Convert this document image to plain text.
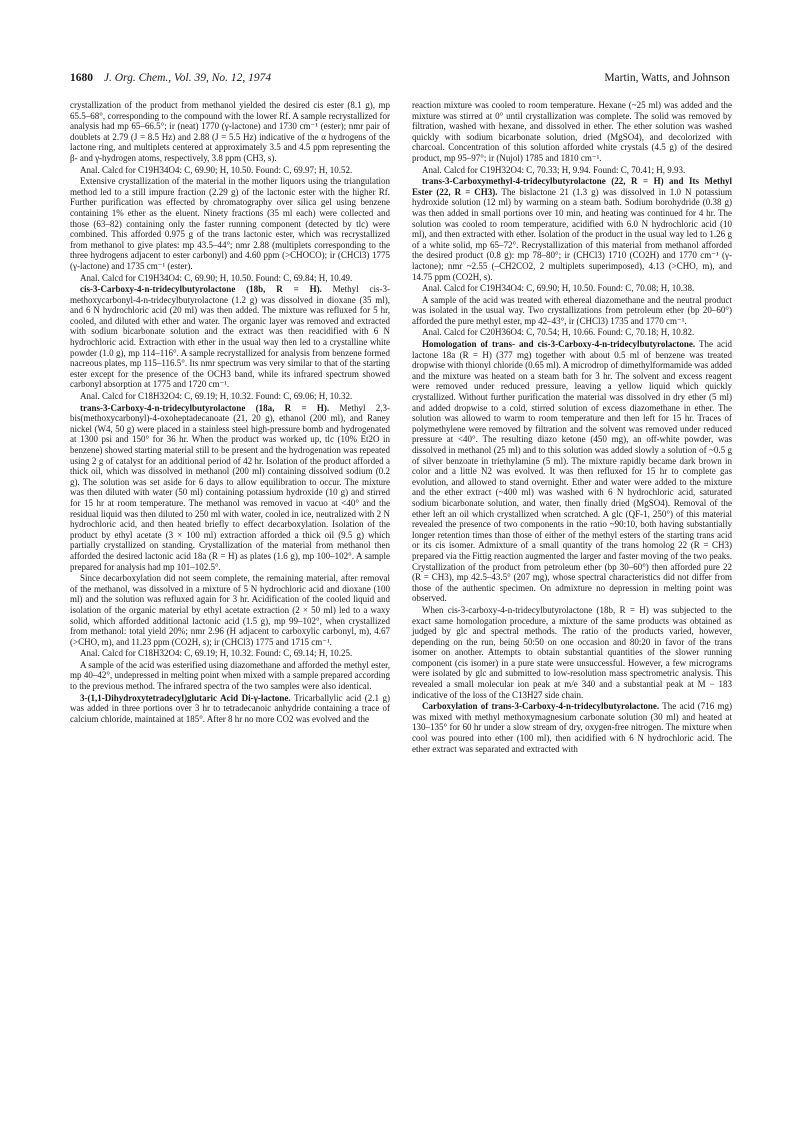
1680 J. Org. Chem., Vol. 39, No. 12, 1974	Martin, Watts, and Johnson

crystallization of the product from methanol yielded the desired cis ester (8.1 g), mp 65.5–68°, corresponding to the compound with the lower Rf. A sample recrystallized for analysis had mp 65–66.5°; ir (neat) 1770 (γ-lactone) and 1730 cm⁻¹ (ester); nmr pair of doublets at 2.79 (J = 8.5 Hz) and 2.88 (J = 5.5 Hz) indicative of the α hydrogens of the lactone ring, and multiplets centered at approximately 3.5 and 4.5 ppm representing the β- and γ-hydrogen atoms, respectively, 3.8 ppm (CH3, s).

Anal. Calcd for C19H34O4: C, 69.90; H, 10.50. Found: C, 69.97; H, 10.52.

Extensive crystallization of the material in the mother liquors using the triangulation method led to a still impure fraction (2.29 g) of the lactonic ester with the higher Rf. Further purification was effected by chromatography over silica gel using benzene containing 1% ether as the eluent. Ninety fractions (35 ml each) were collected and those (63–82) containing only the faster running component (detected by tlc) were combined. This afforded 0.975 g of the trans lactonic ester, which was recrystallized from methanol to give plates: mp 43.5–44°; nmr 2.88 (multiplets corresponding to the three hydrogens adjacent to ester carbonyl) and 4.60 ppm (>CHOCO); ir (CHCl3) 1775 (γ-lactone) and 1735 cm⁻¹ (ester).

Anal. Calcd for C19H34O4: C, 69.90; H, 10.50. Found: C, 69.84; H, 10.49.

cis-3-Carboxy-4-n-tridecylbutyrolactone (18b, R = H). Methyl cis-3-methoxycarbonyl-4-n-tridecylbutyrolactone (1.2 g) was dissolved in dioxane (35 ml), and 6 N hydrochloric acid (20 ml) was then added. The mixture was refluxed for 5 hr, cooled, and diluted with ether and water. The organic layer was removed and extracted with sodium bicarbonate solution and the extract was then reacidified with 6 N hydrochloric acid. Extraction with ether in the usual way then led to a crystalline white powder (1.0 g), mp 114–116°. A sample recrystallized for analysis from benzene formed nacreous plates, mp 115–116.5°. Its nmr spectrum was very similar to that of the starting ester except for the presence of the OCH3 band, while its infrared spectrum showed carbonyl absorption at 1775 and 1720 cm⁻¹.

Anal. Calcd for C18H32O4: C, 69.19; H, 10.32. Found: C, 69.06; H, 10.32.

trans-3-Carboxy-4-n-tridecylbutyrolactone (18a, R = H). Methyl 2,3-bis(methoxycarbonyl)-4-oxoheptadecanoate (21, 20 g), ethanol (200 ml), and Raney nickel (W4, 50 g) were placed in a stainless steel high-pressure bomb and hydrogenated at 1300 psi and 150° for 36 hr. When the product was worked up, tlc (10% Et2O in benzene) showed starting material still to be present and the hydrogenation was repeated using 2 g of catalyst for an additional period of 42 hr. Isolation of the product afforded a thick oil, which was dissolved in methanol (200 ml) containing dissolved sodium (0.2 g). The solution was set aside for 6 days to allow equilibration to occur. The mixture was then diluted with water (50 ml) containing potassium hydroxide (10 g) and stirred for 15 hr at room temperature. The methanol was removed in vacuo at <40° and the residual liquid was then diluted to 250 ml with water, cooled in ice, neutralized with 2 N hydrochloric acid, and then heated briefly to effect decarboxylation. Isolation of the product by ethyl acetate (3 × 100 ml) extraction afforded a thick oil (9.5 g) which partially crystallized on standing. Crystallization of the material from methanol then afforded the desired lactonic acid 18a (R = H) as plates (1.6 g), mp 100–102°. A sample prepared for analysis had mp 101–102.5°.

Since decarboxylation did not seem complete, the remaining material, after removal of the methanol, was dissolved in a mixture of 5 N hydrochloric acid and dioxane (100 ml) and the solution was refluxed again for 3 hr. Acidification of the cooled liquid and isolation of the organic material by ethyl acetate extraction (2 × 50 ml) led to a waxy solid, which afforded additional lactonic acid (1.5 g), mp 99–102°, when crystallized from methanol: total yield 20%; nmr 2.96 (H adjacent to carboxylic carbonyl, m), 4.67 (>CHO, m), and 11.23 ppm (CO2H, s); ir (CHCl3) 1775 and 1715 cm⁻¹.

Anal. Calcd for C18H32O4: C, 69.19; H, 10.32. Found: C, 69.14; H, 10.25.

A sample of the acid was esterified using diazomethane and afforded the methyl ester, mp 40–42°, undepressed in melting point when mixed with a sample prepared according to the previous method. The infrared spectra of the two samples were also identical.

3-(1,1-Dihydroxytetradecyl)glutaric Acid Di-γ-lactone. Tricarballylic acid (2.1 g) was added in three portions over 3 hr to tetradecanoic anhydride containing a trace of calcium chloride, maintained at 185°. After 8 hr no more CO2 was evolved and the

reaction mixture was cooled to room temperature. Hexane (~25 ml) was added and the mixture was stirred at 0° until crystallization was complete. The solid was removed by filtration, washed with hexane, and dissolved in ether. The ether solution was washed quickly with sodium bicarbonate solution, dried (MgSO4), and decolorized with charcoal. Concentration of this solution afforded white crystals (4.5 g) of the desired product, mp 95–97°; ir (Nujol) 1785 and 1810 cm⁻¹.

Anal. Calcd for C19H32O4: C, 70.33; H, 9.94. Found: C, 70.41; H, 9.93.

trans-3-Carboxymethyl-4-tridecylbutyrolactone (22, R = H) and Its Methyl Ester (22, R = CH3). The bislactone 21 (1.3 g) was dissolved in 1.0 N potassium hydroxide solution (12 ml) by warming on a steam bath. Sodium borohydride (0.38 g) was then added in small portions over 10 min, and heating was continued for 4 hr. The solution was cooled to room temperature, acidified with 6.0 N hydrochloric acid (10 ml), and then extracted with ether. Isolation of the product in the usual way led to 1.26 g of a white solid, mp 65–72°. Recrystallization of this material from methanol afforded the desired product (0.8 g): mp 78–80°; ir (CHCl3) 1710 (CO2H) and 1770 cm⁻¹ (γ-lactone); nmr ~2.55 (–CH2CO2, 2 multiplets superimposed), 4.13 (>CHO, m), and 14.75 ppm (CO2H, s).

Anal. Calcd for C19H34O4: C, 69.90; H, 10.50. Found: C, 70.08; H, 10.38.

A sample of the acid was treated with ethereal diazomethane and the neutral product was isolated in the usual way. Two crystallizations from petroleum ether (bp 20–60°) afforded the pure methyl ester, mp 42–43°, ir (CHCl3) 1735 and 1770 cm⁻¹.

Anal. Calcd for C20H36O4: C, 70.54; H, 10.66. Found: C, 70.18; H, 10.82.

Homologation of trans- and cis-3-Carboxy-4-n-tridecylbutyrolactone. The acid lactone 18a (R = H) (377 mg) together with about 0.5 ml of benzene was treated dropwise with thionyl chloride (0.65 ml). A microdrop of dimethylformamide was added and the mixture was heated on a steam bath for 3 hr. The solvent and excess reagent were removed under reduced pressure, leaving a yellow liquid which quickly crystallized. Without further purification the material was dissolved in dry ether (5 ml) and added dropwise to a cold, stirred solution of excess diazomethane in ether. The solution was allowed to warm to room temperature and then left for 15 hr. Traces of polymethylene were removed by filtration and the solvent was removed under reduced pressure at <40°. The resulting diazo ketone (450 mg), an off-white powder, was dissolved in methanol (25 ml) and to this solution was added slowly a solution of ~0.5 g of silver benzoate in triethylamine (5 ml). The mixture rapidly became dark brown in color and a little N2 was evolved. It was then refluxed for 15 hr to complete gas evolution, and allowed to stand overnight. Ether and water were added to the mixture and the ether extract (~400 ml) was washed with 6 N hydrochloric acid, saturated sodium bicarbonate solution, and water, then finally dried (MgSO4). Removal of the ether left an oil which crystallized when scratched. A glc (QF-1, 250°) of this material revealed the presence of two components in the ratio ~90:10, both having substantially longer retention times than those of either of the methyl esters of the starting trans acid or its cis isomer. Admixture of a small quantity of the trans homolog 22 (R = CH3) prepared via the Fittig reaction augmented the larger and faster moving of the two peaks. Crystallization of the product from petroleum ether (bp 30–60°) then afforded pure 22 (R = CH3), mp 42.5–43.5° (207 mg), whose spectral characteristics did not differ from those of the authentic specimen. On admixture no depression in melting point was observed.

When cis-3-carboxy-4-n-tridecylbutyrolactone (18b, R = H) was subjected to the exact same homologation procedure, a mixture of the same products was obtained as judged by glc and spectral methods. The ratio of the products varied, however, depending on the run, being 50:50 on one occasion and 80:20 in favor of the trans isomer on another. Attempts to obtain substantial quantities of the slower running component (cis isomer) in a pure state were unsuccessful. However, a few micrograms were isolated by glc and submitted to low-resolution mass spectrometric analysis. This revealed a small molecular ion peak at m/e 340 and a substantial peak at M − 183 indicative of the loss of the C13H27 side chain.

Carboxylation of trans-3-Carboxy-4-n-tridecylbutyrolactone. The acid (716 mg) was mixed with methyl methoxymagnesium carbonate solution (30 ml) and heated at 130–135° for 60 hr under a slow stream of dry, oxygen-free nitrogen. The mixture when cool was poured into ether (100 ml), then acidified with 6 N hydrochloric acid. The ether extract was separated and extracted with
